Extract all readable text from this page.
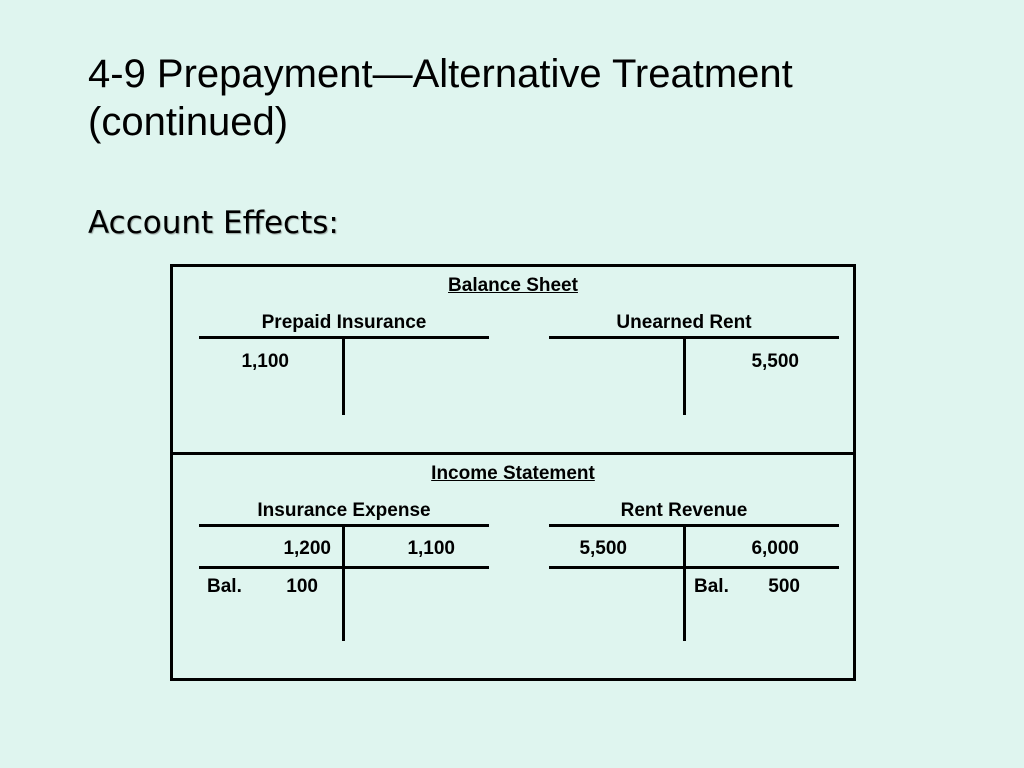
4-9 Prepayment—Alternative Treatment (continued)
Account Effects:
Balance Sheet
Prepaid Insurance
1,100
Unearned Rent
5,500
Income Statement
Insurance Expense
1,200	1,100
Bal.	100
Rent Revenue
5,500	6,000
Bal.	500
